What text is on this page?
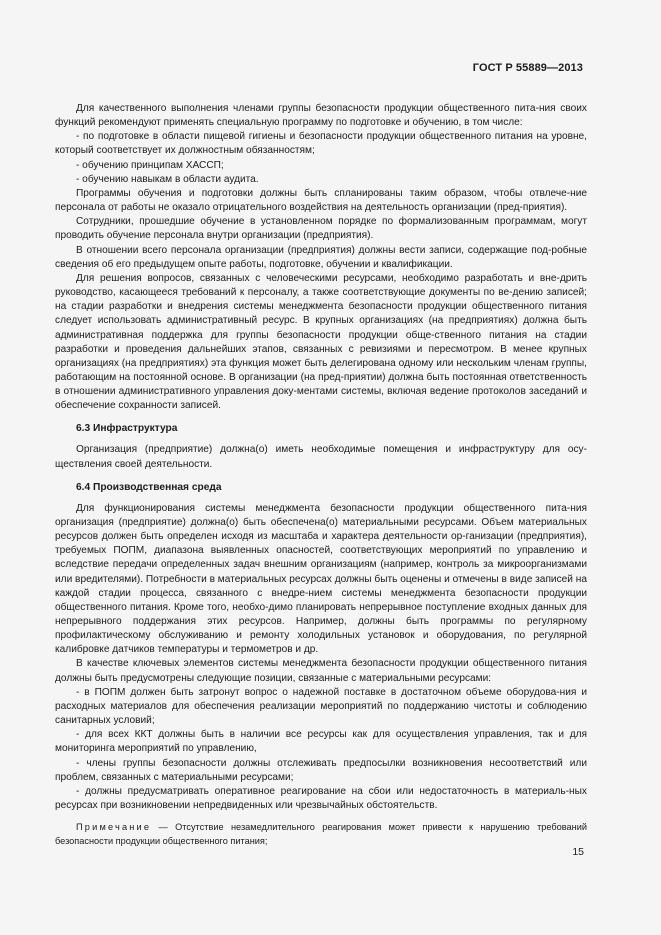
ГОСТ Р 55889—2013

Для качественного выполнения членами группы безопасности продукции общественного пита-ния своих функций рекомендуют применять специальную программу по подготовке и обучению, в том числе:

- по подготовке в области пищевой гигиены и безопасности продукции общественного питания на уровне, который соответствует их должностным обязанностям;

- обучению принципам ХАССП;

- обучению навыкам в области аудита.

Программы обучения и подготовки должны быть спланированы таким образом, чтобы отвлече-ние персонала от работы не оказало отрицательного воздействия на деятельность организации (пред-приятия).

Сотрудники, прошедшие обучение в установленном порядке по формализованным программам, могут проводить обучение персонала внутри организации (предприятия).

В отношении всего персонала организации (предприятия) должны вести записи, содержащие под-робные сведения об его предыдущем опыте работы, подготовке, обучении и квалификации.

Для решения вопросов, связанных с человеческими ресурсами, необходимо разработать и вне-дрить руководство, касающееся требований к персоналу, а также соответствующие документы по ве-дению записей; на стадии разработки и внедрения системы менеджмента безопасности продукции общественного питания следует использовать административный ресурс. В крупных организациях (на предприятиях) должна быть административная поддержка для группы безопасности продукции обще-ственного питания на стадии разработки и проведения дальнейших этапов, связанных с ревизиями и пересмотром. В менее крупных организациях (на предприятиях) эта функция может быть делегирована одному или нескольким членам группы, работающим на постоянной основе. В организации (на пред-приятии) должна быть постоянная ответственность в отношении административного управления доку-ментами системы, включая ведение протоколов заседаний и обеспечение сохранности записей.

6.3 Инфраструктура

Организация (предприятие) должна(о) иметь необходимые помещения и инфраструктуру для осу-ществления своей деятельности.

6.4 Производственная среда

Для функционирования системы менеджмента безопасности продукции общественного пита-ния организация (предприятие) должна(о) быть обеспечена(о) материальными ресурсами. Объем материальных ресурсов должен быть определен исходя из масштаба и характера деятельности ор-ганизации (предприятия), требуемых ПОПМ, диапазона выявленных опасностей, соответствующих мероприятий по управлению и вследствие передачи определенных задач внешним организациям (например, контроль за микроорганизмами или вредителями). Потребности в материальных ресурсах должны быть оценены и отмечены в виде записей на каждой стадии процесса, связанного с внедре-нием системы менеджмента безопасности продукции общественного питания. Кроме того, необхо-димо планировать непрерывное поступление входных данных для непрерывного поддержания этих ресурсов. Например, должны быть программы по регулярному профилактическому обслуживанию и ремонту холодильных установок и оборудования, по регулярной калибровке датчиков температуры и термометров и др.

В качестве ключевых элементов системы менеджмента безопасности продукции общественного питания должны быть предусмотрены следующие позиции, связанные с материальными ресурсами:

- в ПОПМ должен быть затронут вопрос о надежной поставке в достаточном объеме оборудова-ния и расходных материалов для обеспечения реализации мероприятий по поддержанию чистоты и соблюдению санитарных условий;

- для всех ККТ должны быть в наличии все ресурсы как для осуществления управления, так и для мониторинга мероприятий по управлению,

- члены группы безопасности должны отслеживать предпосылки возникновения несоответствий или проблем, связанных с материальными ресурсами;

- должны предусматривать оперативное реагирование на сбои или недостаточность в материаль-ных ресурсах при возникновении непредвиденных или чрезвычайных обстоятельств.

Примечание — Отсутствие незамедлительного реагирования может привести к нарушению требований безопасности продукции общественного питания;

15
